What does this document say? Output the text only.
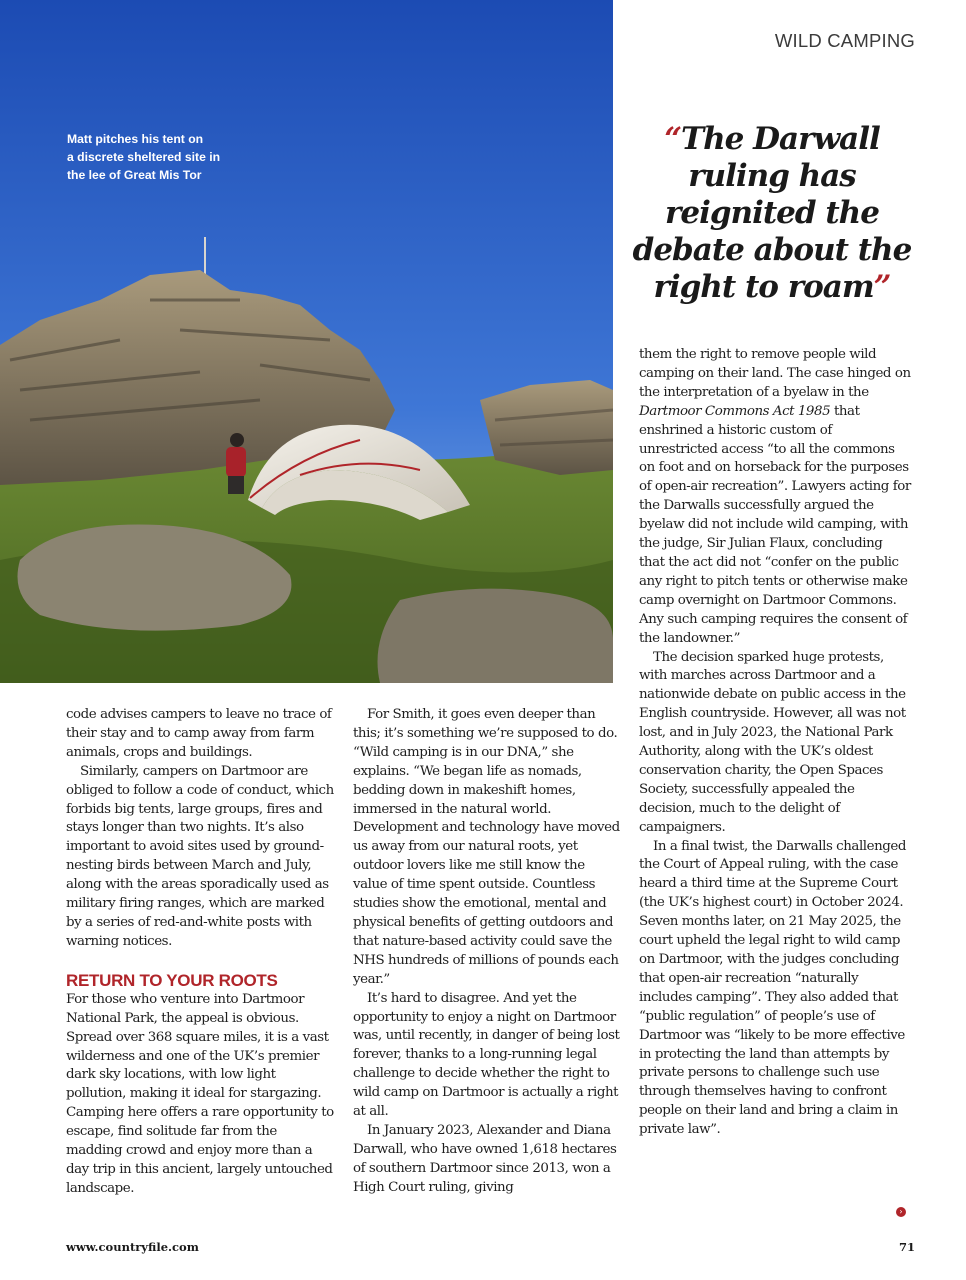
Matt pitches his tent on
a discrete sheltered site in
the lee of Great Mis Tor
WILD CAMPING
“The Darwall ruling has reignited the debate about the right to roam”

code advises campers to leave no trace of their stay and to camp away from farm animals, crops and buildings.

Similarly, campers on Dartmoor are obliged to follow a code of conduct, which forbids big tents, large groups, fires and stays longer than two nights. It’s also important to avoid sites used by ground-nesting birds between March and July, along with the areas sporadically used as military firing ranges, which are marked by a series of red-and-white posts with warning notices.

RETURN TO YOUR ROOTS

For those who venture into Dartmoor National Park, the appeal is obvious. Spread over 368 square miles, it is a vast wilderness and one of the UK’s premier dark sky locations, with low light pollution, making it ideal for stargazing. Camping here offers a rare opportunity to escape, find solitude far from the madding crowd and enjoy more than a day trip in this ancient, largely untouched landscape.

For Smith, it goes even deeper than this; it’s something we’re supposed to do. “Wild camping is in our DNA,” she explains. “We began life as nomads, bedding down in makeshift homes, immersed in the natural world. Development and technology have moved us away from our natural roots, yet outdoor lovers like me still know the value of time spent outside. Countless studies show the emotional, mental and physical benefits of getting outdoors and that nature-based activity could save the NHS hundreds of millions of pounds each year.”

It’s hard to disagree. And yet the opportunity to enjoy a night on Dartmoor was, until recently, in danger of being lost forever, thanks to a long-running legal challenge to decide whether the right to wild camp on Dartmoor is actually a right at all.

In January 2023, Alexander and Diana Darwall, who have owned 1,618 hectares of southern Dartmoor since 2013, won a High Court ruling, giving

them the right to remove people wild camping on their land. The case hinged on the interpretation of a byelaw in the Dartmoor Commons Act 1985 that enshrined a historic custom of unrestricted access “to all the commons on foot and on horseback for the purposes of open-air recreation”. Lawyers acting for the Darwalls successfully argued the byelaw did not include wild camping, with the judge, Sir Julian Flaux, concluding that the act did not “confer on the public any right to pitch tents or otherwise make camp overnight on Dartmoor Commons. Any such camping requires the consent of the landowner.”

The decision sparked huge protests, with marches across Dartmoor and a nationwide debate on public access in the English countryside. However, all was not lost, and in July 2023, the National Park Authority, along with the UK’s oldest conservation charity, the Open Spaces Society, successfully appealed the decision, much to the delight of campaigners.

In a final twist, the Darwalls challenged the Court of Appeal ruling, with the case heard a third time at the Supreme Court (the UK’s highest court) in October 2024. Seven months later, on 21 May 2025, the court upheld the legal right to wild camp on Dartmoor, with the judges concluding that open-air recreation “naturally includes camping”. They also added that “public regulation” of people’s use of Dartmoor was “likely to be more effective in protecting the land than attempts by private persons to challenge such use through themselves having to confront people on their land and bring a claim in private law”.

›
www.countryfile.com	71
